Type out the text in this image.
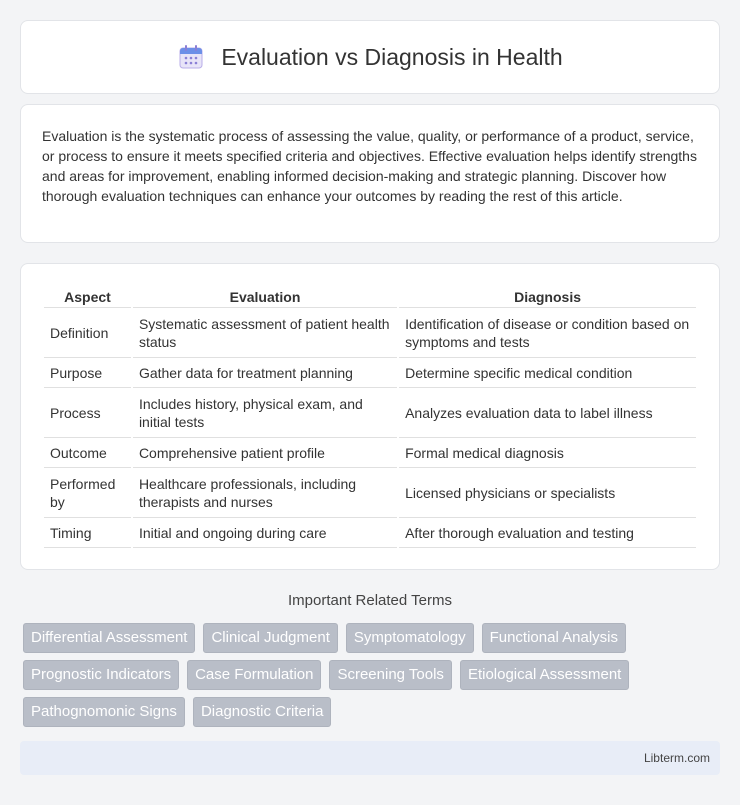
Evaluation vs Diagnosis in Health

Evaluation is the systematic process of assessing the value, quality, or performance of a product, service, or process to ensure it meets specified criteria and objectives. Effective evaluation helps identify strengths and areas for improvement, enabling informed decision-making and strategic planning. Discover how thorough evaluation techniques can enhance your outcomes by reading the rest of this article.

Aspect	Evaluation	Diagnosis
Definition	Systematic assessment of patient health status	Identification of disease or condition based on symptoms and tests
Purpose	Gather data for treatment planning	Determine specific medical condition
Process	Includes history, physical exam, and initial tests	Analyzes evaluation data to label illness
Outcome	Comprehensive patient profile	Formal medical diagnosis
Performed by	Healthcare professionals, including therapists and nurses	Licensed physicians or specialists
Timing	Initial and ongoing during care	After thorough evaluation and testing
Important Related Terms
Differential Assessment	Clinical Judgment	Symptomatology	Functional Analysis
Prognostic Indicators	Case Formulation	Screening Tools	Etiological Assessment
Pathognomonic Signs	Diagnostic Criteria
Libterm.com
